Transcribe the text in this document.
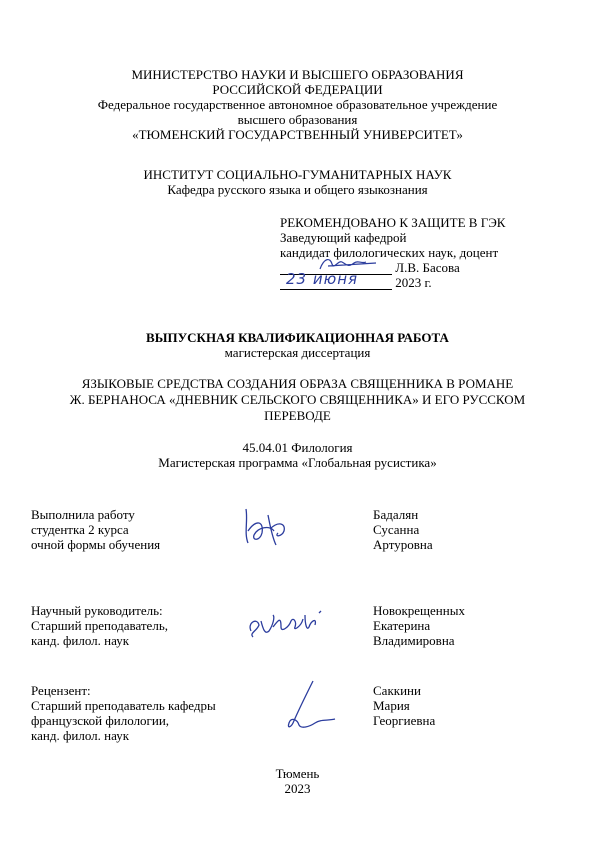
МИНИСТЕРСТВО НАУКИ И ВЫСШЕГО ОБРАЗОВАНИЯ
РОССИЙСКОЙ ФЕДЕРАЦИИ
Федеральное государственное автономное образовательное учреждение
высшего образования
«ТЮМЕНСКИЙ ГОСУДАРСТВЕННЫЙ УНИВЕРСИТЕТ»
ИНСТИТУТ СОЦИАЛЬНО-ГУМАНИТАРНЫХ НАУК
Кафедра русского языка и общего языкознания
РЕКОМЕНДОВАНО К ЗАЩИТЕ В ГЭК
Заведующий кафедрой
кандидат филологических наук, доцент
Л.В. Басова
23 июня	2023 г.
ВЫПУСКНАЯ КВАЛИФИКАЦИОННАЯ РАБОТА
магистерская диссертация
ЯЗЫКОВЫЕ СРЕДСТВА СОЗДАНИЯ ОБРАЗА СВЯЩЕННИКА В РОМАНЕ
Ж. БЕРНАНОСА «ДНЕВНИК СЕЛЬСКОГО СВЯЩЕННИКА» И ЕГО РУССКОМ
ПЕРЕВОДЕ
45.04.01 Филология
Магистерская программа «Глобальная русистика»
Выполнила работу
студентка 2 курса
очной формы обучения
Бадалян
Сусанна
Артуровна
Научный руководитель:
Старший преподаватель,
канд. филол. наук
Новокрещенных
Екатерина
Владимировна
Рецензент:
Старший преподаватель кафедры
французской филологии,
канд. филол. наук
Саккини
Мария
Георгиевна
Тюмень
2023
